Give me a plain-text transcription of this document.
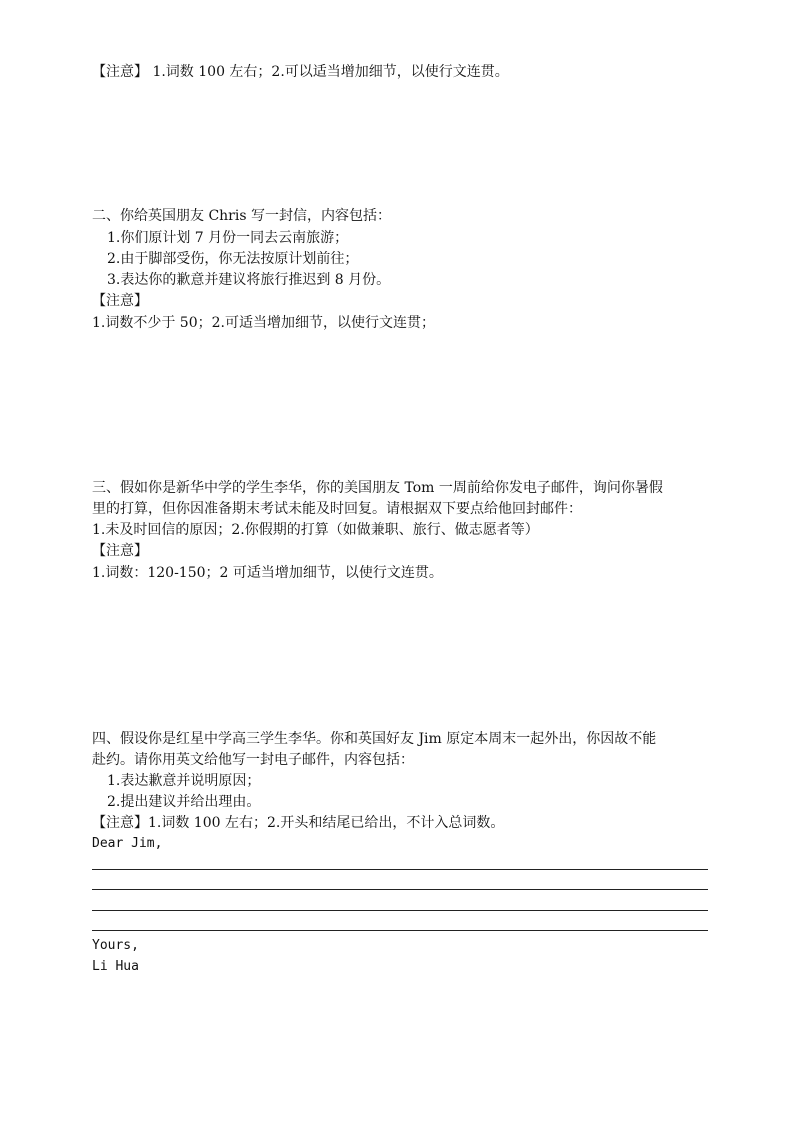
【注意】 1.词数 100 左右；2.可以适当增加细节，以使行文连贯。
二、你给英国朋友 Chris 写一封信，内容包括：
1.你们原计划 7 月份一同去云南旅游；
2.由于脚部受伤，你无法按原计划前往；
3.表达你的歉意并建议将旅行推迟到 8 月份。
【注意】
1.词数不少于 50；2.可适当增加细节，以使行文连贯；
三、假如你是新华中学的学生李华，你的美国朋友 Tom 一周前给你发电子邮件，询问你暑假
里的打算，但你因准备期末考试未能及时回复。请根据双下要点给他回封邮件：
1.未及时回信的原因；2.你假期的打算（如做兼职、旅行、做志愿者等）
【注意】
1.词数：120-150；2 可适当增加细节，以使行文连贯。
四、假设你是红星中学高三学生李华。你和英国好友 Jim 原定本周末一起外出，你因故不能
赴约。请你用英文给他写一封电子邮件，内容包括：
1.表达歉意并说明原因；
2.提出建议并给出理由。
【注意】1.词数 100 左右；2.开头和结尾已给出，不计入总词数。
Dear Jim,
Yours,
Li Hua
